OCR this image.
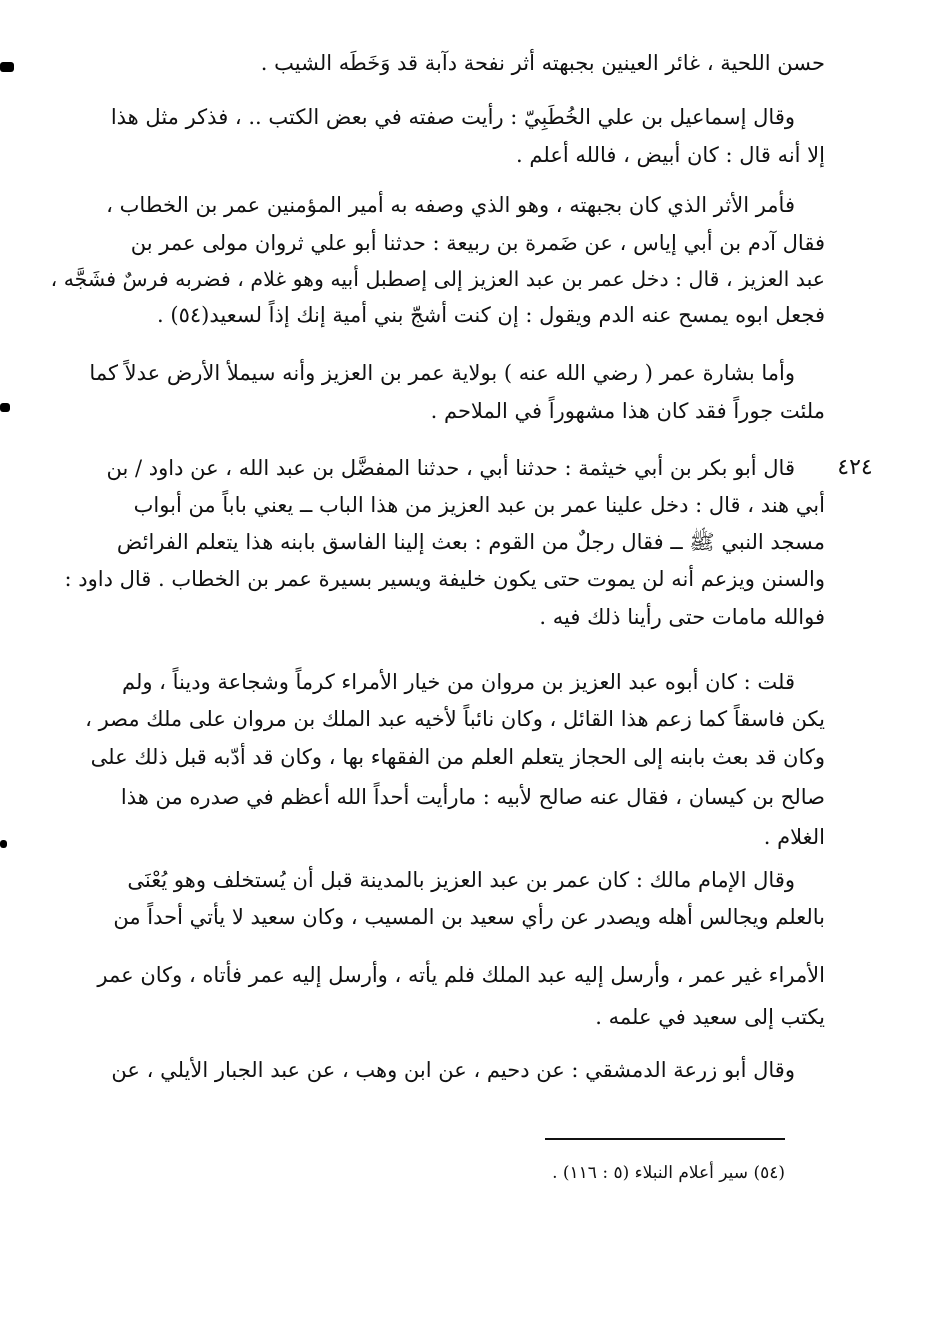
٤٢٤
حسن اللحية ، غائر العينين بجبهته أثر نفحة دآبة قد وَخَطَه الشيب .
وقال إسماعيل بن علي الخُطَبِيّ : رأيت صفته في بعض الكتب .. ، فذكر مثل هذا
إلا أنه قال : كان أبيض ، فالله أعلم .
فأمر الأثر الذي كان بجبهته ، وهو الذي وصفه به أمير المؤمنين عمر بن الخطاب ،
فقال آدم بن أبي إياس ، عن ضَمرة بن ربيعة : حدثنا أبو علي ثروان مولى عمر بن
عبد العزيز ، قال : دخل عمر بن عبد العزيز إلى إصطبل أبيه وهو غلام ، فضربه فرسٌ فشَجَّه ،
فجعل ابوه يمسح عنه الدم ويقول : إن كنت أشجّ بني أمية إنك إذاً لسعيد(٥٤) .
وأما بشارة عمر ( رضي الله عنه ) بولاية عمر بن العزيز وأنه سيملأ الأرض عدلاً كما
ملئت جوراً فقد كان هذا مشهوراً في الملاحم .
قال أبو بكر بن أبي خيثمة : حدثنا أبي ، حدثنا المفضَّل بن عبد الله ، عن داود / بن
أبي هند ، قال : دخل علينا عمر بن عبد العزيز من هذا الباب ــ يعني باباً من أبواب
مسجد النبي ﷺ ــ فقال رجلٌ من القوم : بعث إلينا الفاسق بابنه هذا يتعلم الفرائض
والسنن ويزعم أنه لن يموت حتى يكون خليفة ويسير بسيرة عمر بن الخطاب . قال داود :
فوالله مامات حتى رأينا ذلك فيه .
قلت : كان أبوه عبد العزيز بن مروان من خيار الأمراء كرماً وشجاعة وديناً ، ولم
يكن فاسقاً كما زعم هذا القائل ، وكان نائباً لأخيه عبد الملك بن مروان على ملك مصر ،
وكان قد بعث بابنه إلى الحجاز يتعلم العلم من الفقهاء بها ، وكان قد أدّبه قبل ذلك على
صالح بن كيسان ، فقال عنه صالح لأبيه : مارأيت أحداً الله أعظم في صدره من هذا
الغلام .
وقال الإمام مالك : كان عمر بن عبد العزيز بالمدينة قبل أن يُستخلف وهو يُعْنَى
بالعلم ويجالس أهله ويصدر عن رأي سعيد بن المسيب ، وكان سعيد لا يأتي أحداً من
الأمراء غير عمر ، وأرسل إليه عبد الملك فلم يأته ، وأرسل إليه عمر فأتاه ، وكان عمر
يكتب إلى سعيد في علمه .
وقال أبو زرعة الدمشقي : عن دحيم ، عن ابن وهب ، عن عبد الجبار الأيلي ، عن
(٥٤) سير أعلام النبلاء (٥ : ١١٦) .
